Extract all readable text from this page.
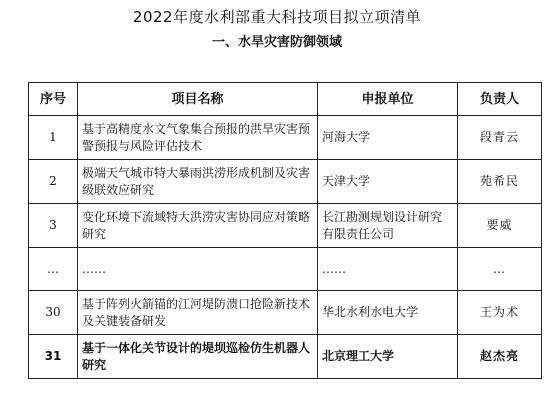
2022年度水利部重大科技项目拟立项清单
一、水旱灾害防御领域
序号	项目名称	申报单位	负责人
1	基于高精度水文气象集合预报的洪旱灾害预警预报与风险评估技术	河海大学	段青云
2	极端天气城市特大暴雨洪涝形成机制及灾害级联效应研究	天津大学	苑希民
3	变化环境下流域特大洪涝灾害协同应对策略研究	长江勘测规划设计研究有限责任公司	要威
…	……	……	…
30	基于阵列火箭锚的江河堤防溃口抢险新技术及关键装备研发	华北水利水电大学	王为术
31	基于一体化关节设计的堤坝巡检仿生机器人研究	北京理工大学	赵杰亮
